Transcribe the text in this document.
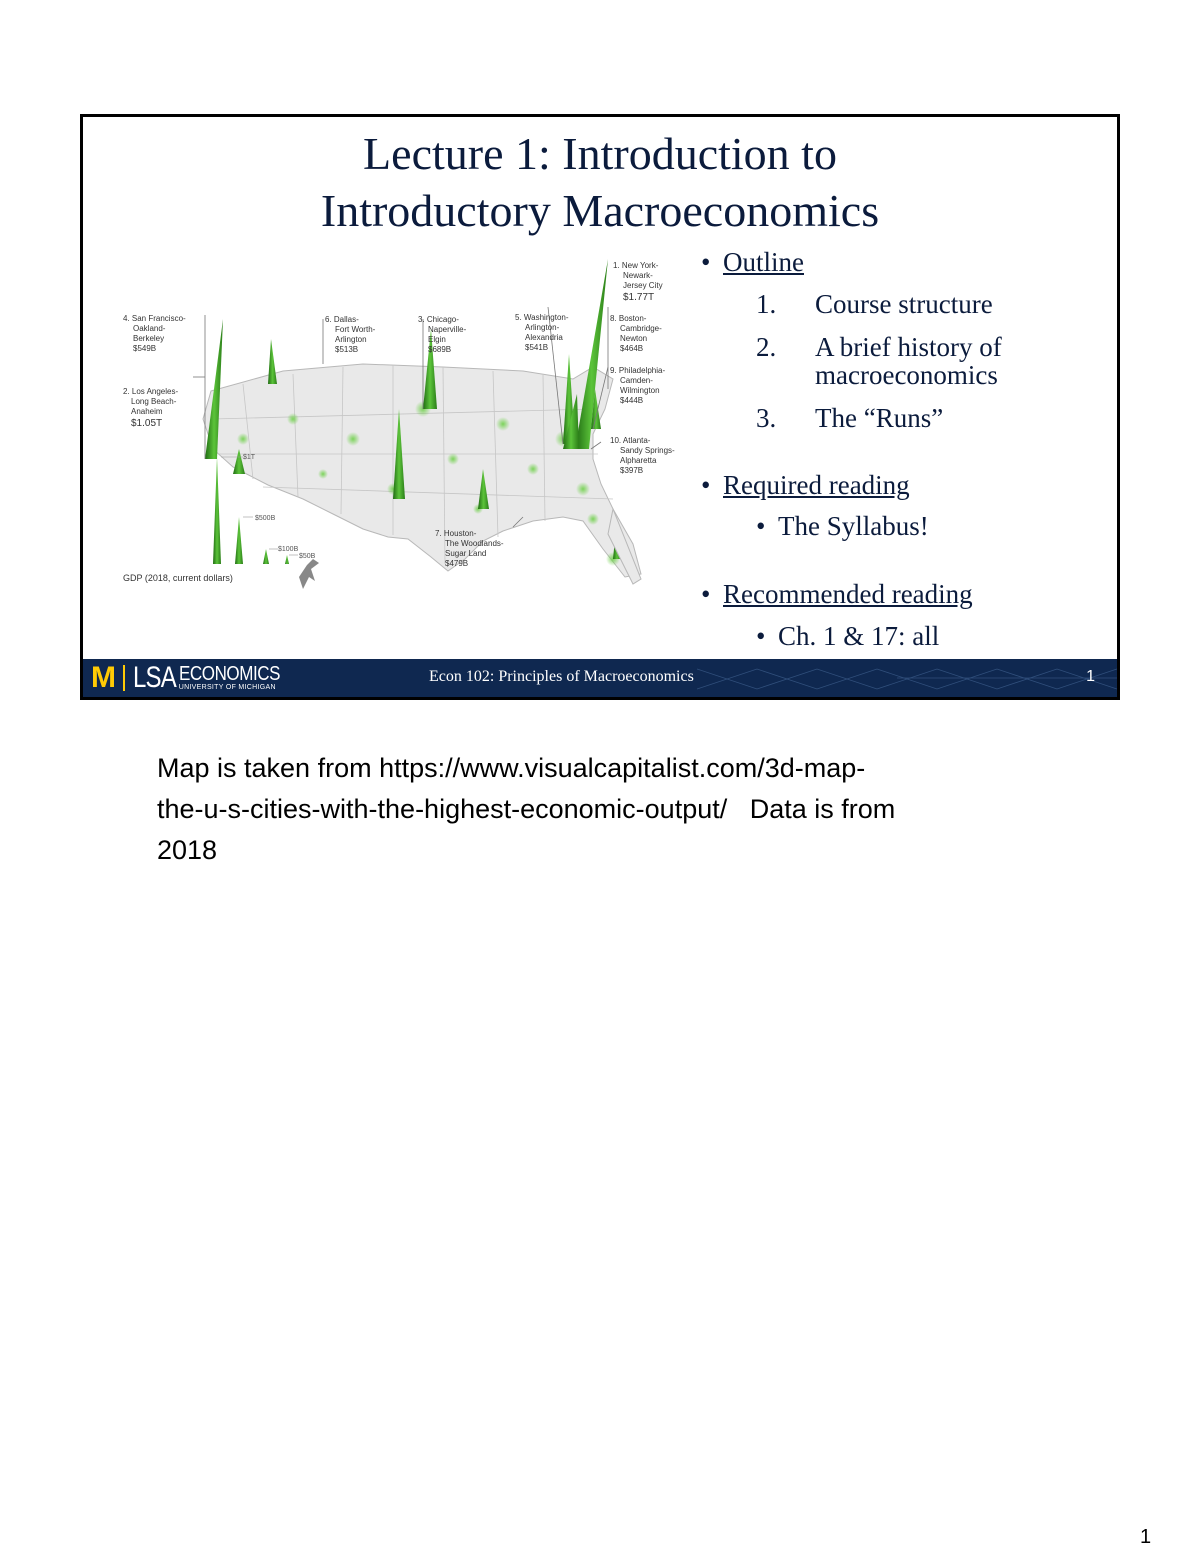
Lecture 1: Introduction to
Introductory Macroeconomics
$1T
$500B
$100B
$50B
GDP (2018, current dollars)
1. New York-
Newark-
Jersey City
$1.77T
2. Los Angeles-
Long Beach-
Anaheim
$1.05T
3. Chicago-
Naperville-
Elgin
$689B
4. San Francisco-
Oakland-
Berkeley
$549B
5. Washington-
Arlington-
Alexandria
$541B
6. Dallas-
Fort Worth-
Arlington
$513B
7. Houston-
The Woodlands-
Sugar Land
$479B
8. Boston-
Cambridge-
Newton
$464B
9. Philadelphia-
Camden-
Wilmington
$444B
10. Atlanta-
Sandy Springs-
Alpharetta
$397B
• Outline
1. Course structure
2. A brief history of
macroeconomics
3. The “Runs”
• Required reading
• The Syllabus!
• Recommended reading
• Ch. 1 & 17: all
M LSA ECONOMICS
UNIVERSITY OF MICHIGAN
Econ 102: Principles of Macroeconomics	1
Map is taken from https://www.visualcapitalist.com/3d-map-
the-u-s-cities-with-the-highest-economic-output/   Data is from
2018
1
